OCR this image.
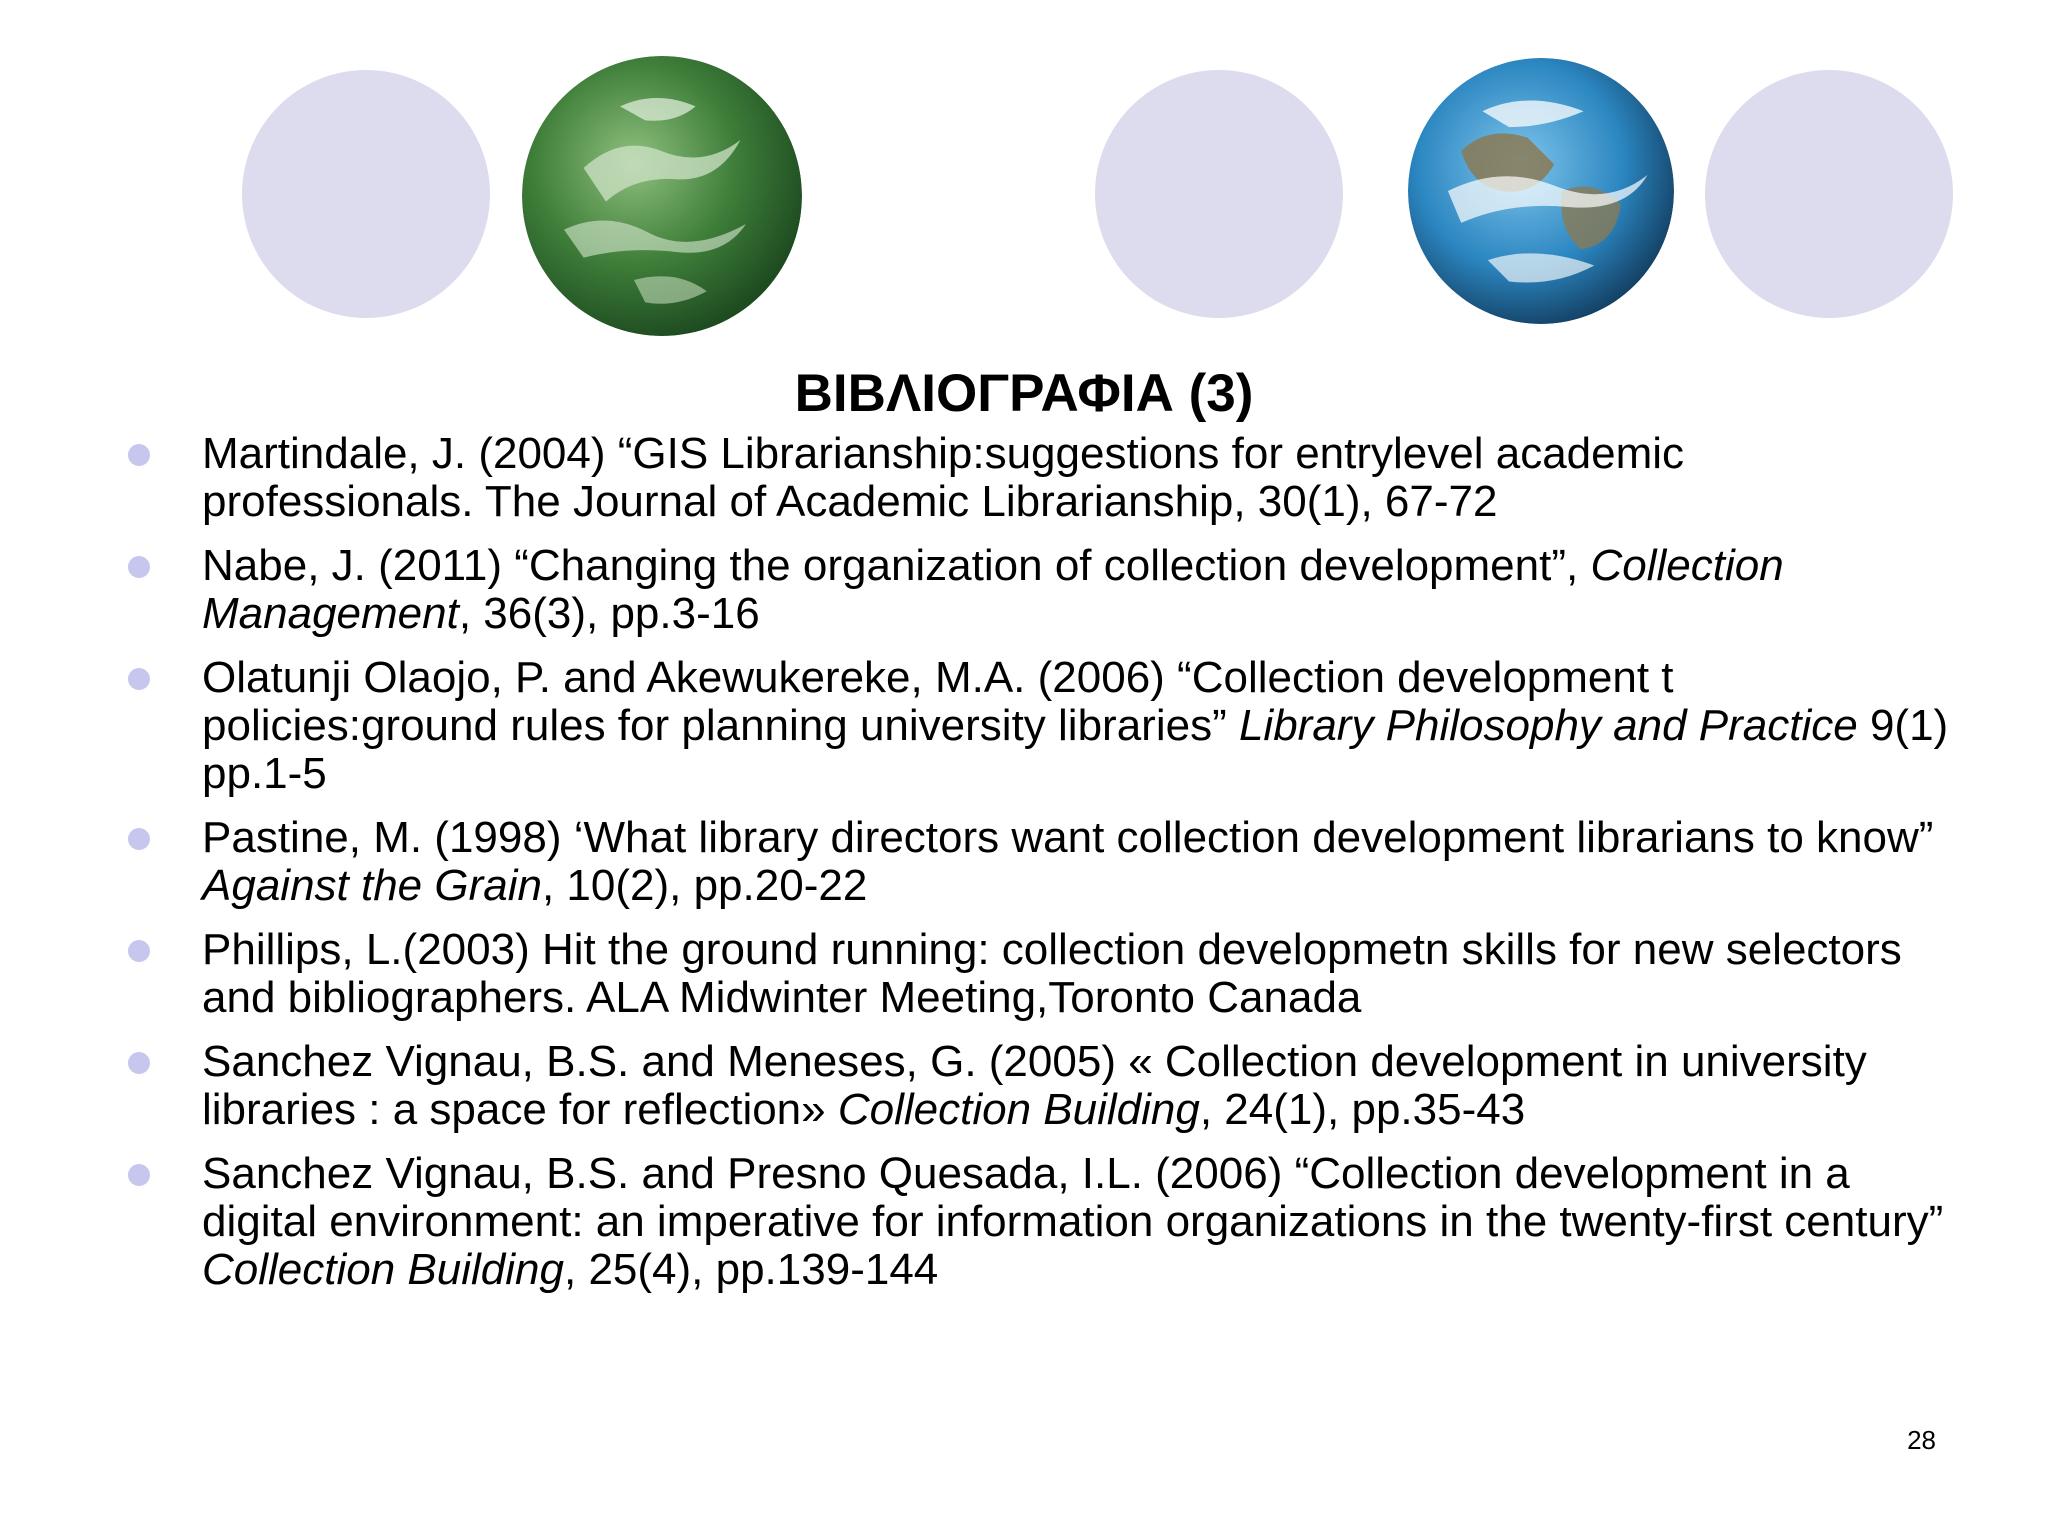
ΒΙΒΛΙΟΓΡΑΦΙΑ (3)
Martindale, J. (2004) “GIS Librarianship:suggestions for entrylevel academic professionals. The Journal of Academic Librarianship, 30(1), 67-72
Nabe, J. (2011) “Changing the organization of collection development”, Collection Management, 36(3), pp.3-16
Olatunji Olaojo, P. and Akewukereke, M.A. (2006) “Collection development t policies:ground rules for planning university libraries” Library Philosophy and Practice 9(1) pp.1-5
Pastine, M. (1998) ‘What library directors want collection development librarians to know” Against the Grain, 10(2), pp.20-22
Phillips, L.(2003) Hit the ground running: collection developmetn skills for new selectors and bibliographers. ALA Midwinter Meeting,Toronto Canada
Sanchez Vignau, B.S. and Meneses, G. (2005) « Collection development in university libraries : a space for reflection» Collection Building, 24(1), pp.35-43
Sanchez Vignau, B.S. and Presno Quesada, I.L. (2006) “Collection development in a digital environment: an imperative for information organizations in the twenty-first century” Collection Building, 25(4), pp.139-144
28
